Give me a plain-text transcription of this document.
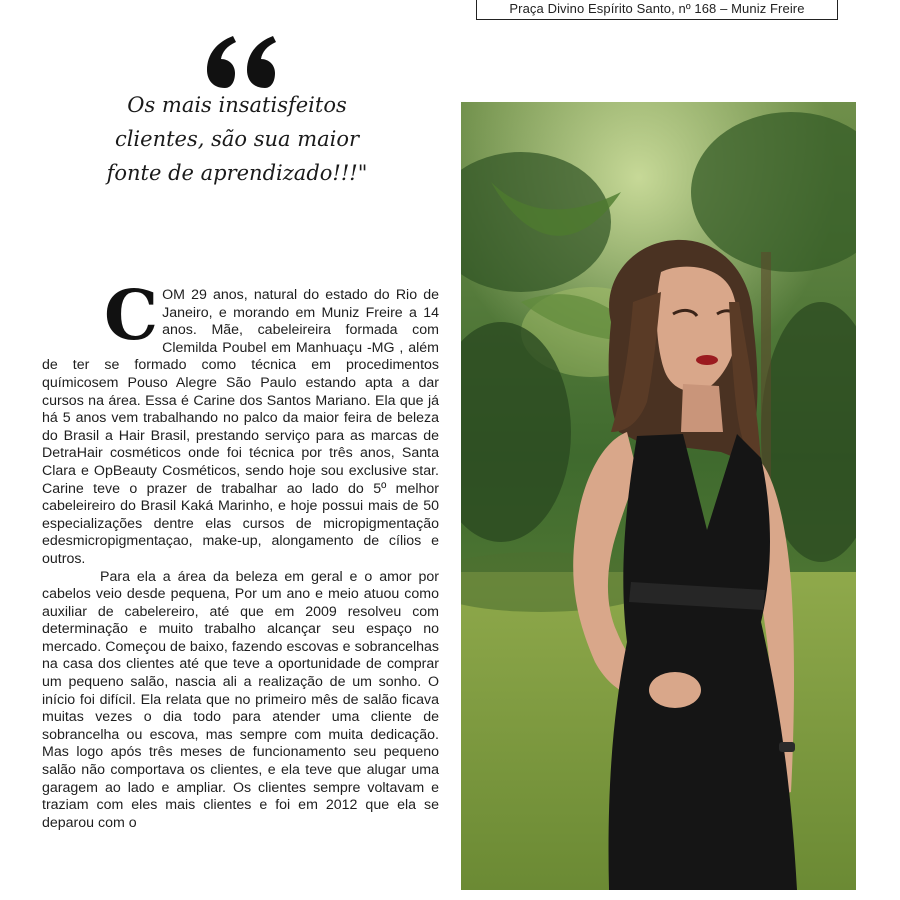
Praça Divino Espírito Santo, nº 168 – Muniz Freire
Os mais insatisfeitos clientes, são sua maior fonte de aprendizado!!!"

COM 29 anos, natural do estado do Rio de Janeiro, e morando em Muniz Freire a 14 anos. Mãe, cabeleireira formada com Clemilda Poubel em Manhuaçu -MG , além de ter se formado como técnica em procedimentos químicosem Pouso Alegre São Paulo estando apta a dar cursos na área. Essa é Carine dos Santos Mariano. Ela que já há 5 anos vem trabalhando no palco da maior feira de beleza do Brasil a Hair Brasil, prestando serviço para as marcas de DetraHair cosméticos onde foi técnica por três anos, Santa Clara e OpBeauty Cosméticos, sendo hoje sou exclusive star. Carine teve o prazer de trabalhar ao lado do 5º melhor cabeleireiro do Brasil Kaká Marinho, e hoje possui mais de 50 especializações dentre elas cursos de micropigmentação edesmicropigmentaçao, make-up, alongamento de cílios e outros.

Para ela a área da beleza em geral e o amor por cabelos veio desde pequena, Por um ano e meio atuou como auxiliar de cabelereiro, até que em 2009 resolveu com determinação e muito trabalho alcançar seu espaço no mercado. Começou de baixo, fazendo escovas e sobrancelhas na casa dos clientes até que teve a oportunidade de comprar um pequeno salão, nascia ali a realização de um sonho. O início foi difícil. Ela relata que no primeiro mês de salão ficava muitas vezes o dia todo para atender uma cliente de sobrancelha ou escova, mas sempre com muita dedicação. Mas logo após três meses de funcionamento seu pequeno salão não comportava os clientes, e ela teve que alugar uma garagem ao lado e ampliar. Os clientes sempre voltavam e traziam com eles mais clientes e foi em 2012 que ela se deparou com o
